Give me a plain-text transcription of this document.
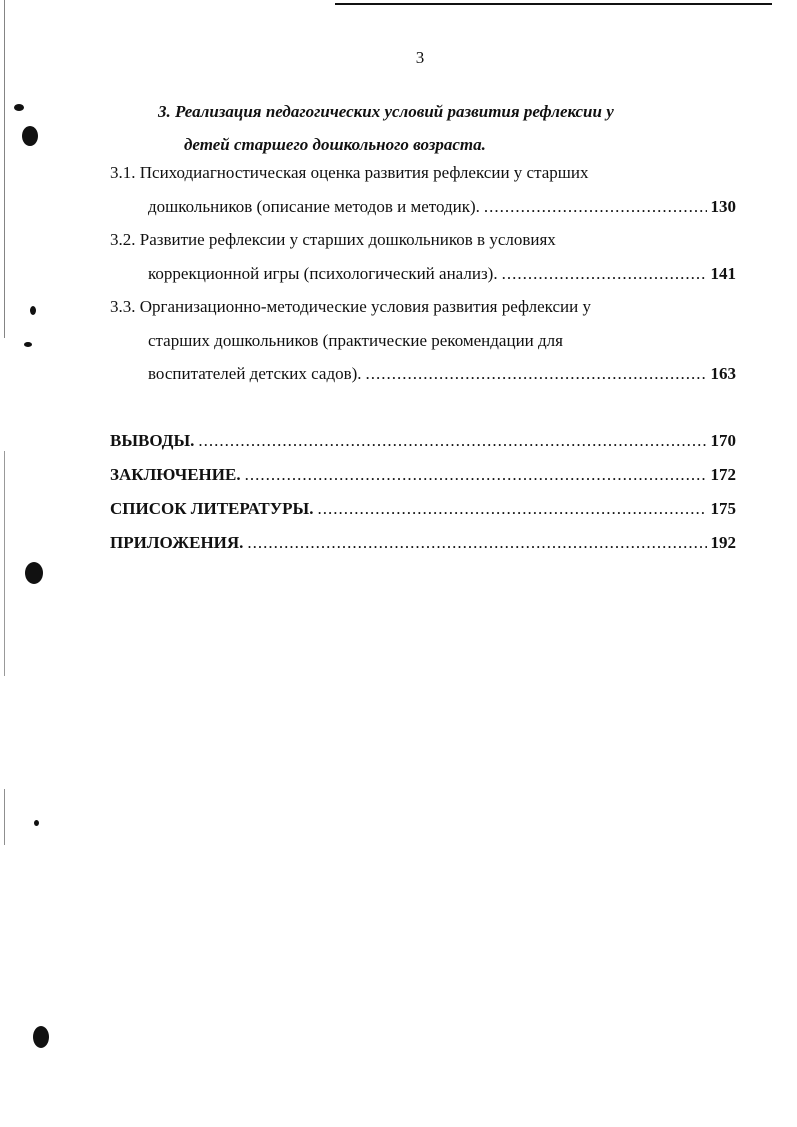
3
3. Реализация педагогических условий развития рефлексии у
детей старшего дошкольного возраста.
3.1. Психодиагностическая оценка развития рефлексии у старших
дошкольников (описание методов и методик). .....	130
3.2. Развитие рефлексии у старших дошкольников в условиях
коррекционной игры (психологический анализ). .....	141
3.3. Организационно-методические условия развития рефлексии у
старших дошкольников (практические рекомендации для
воспитателей детских садов). .....	163
ВЫВОДЫ. .....	170
ЗАКЛЮЧЕНИЕ. .....	172
СПИСОК ЛИТЕРАТУРЫ. .....	175
ПРИЛОЖЕНИЯ. .....	192
